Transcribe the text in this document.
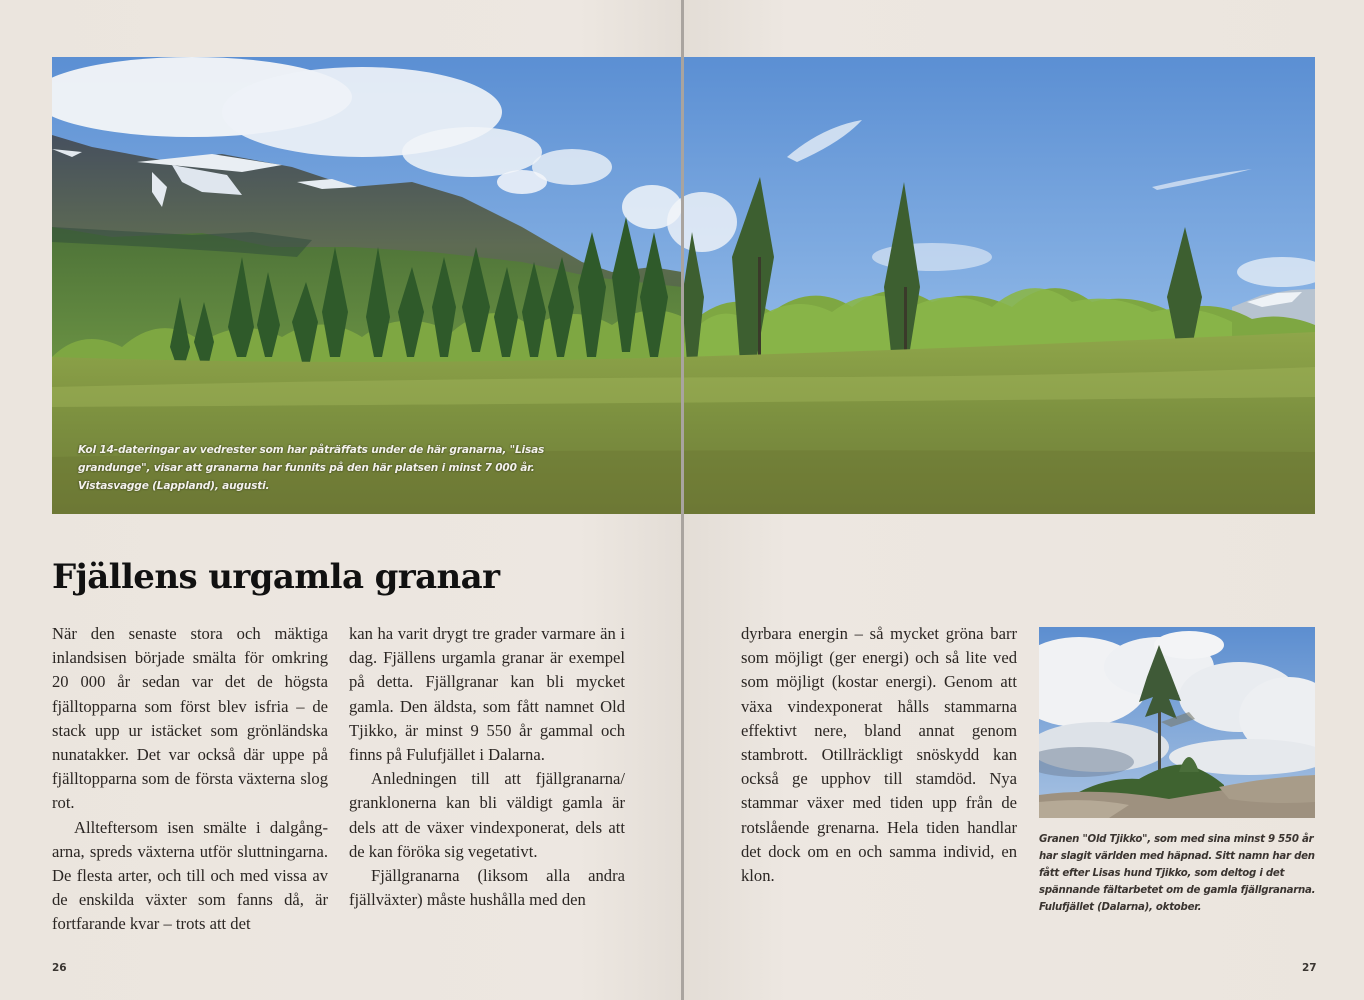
Kol 14-dateringar av vedrester som har påträffats under de här granarna, "Lisas grandunge", visar att granarna har funnits på den här platsen i minst 7 000 år. Vistasvagge (Lappland), augusti.
Fjällens urgamla granar

När den senaste stora och mäktiga inlandsisen började smälta för omkring 20 000 år sedan var det de högsta fjälltopparna som först blev isfria – de stack upp ur istäcket som grönländska nunatakker. Det var också där uppe på fjälltopparna som de första växterna slog rot.

Allteftersom isen smälte i dalgångarna, spreds växterna utför sluttningarna. De flesta arter, och till och med vissa av de enskilda växter som fanns då, är fortfarande kvar – trots att det

kan ha varit drygt tre grader varmare än i dag. Fjällens urgamla granar är exempel på detta. Fjällgranar kan bli mycket gamla. Den äldsta, som fått namnet Old Tjikko, är minst 9 550 år gammal och finns på Fulufjället i Dalarna.

Anledningen till att fjällgranarna/ granklonerna kan bli väldigt gamla är dels att de växer vindexponerat, dels att de kan föröka sig vegetativt.

Fjällgranarna (liksom alla andra fjällväxter) måste hushålla med den

dyrbara energin – så mycket gröna barr som möjligt (ger energi) och så lite ved som möjligt (kostar energi). Genom att växa vindexponerat hålls stammarna effektivt nere, bland annat genom stambrott. Otillräckligt snöskydd kan också ge upphov till stamdöd. Nya stammar växer med tiden upp från de rotslående grenarna. Hela tiden handlar det dock om en och samma individ, en klon.

Granen "Old Tjikko", som med sina minst 9 550 år har slagit världen med häpnad. Sitt namn har den fått efter Lisas hund Tjikko, som deltog i det spännande fältarbetet om de gamla fjällgranarna. Fulufjället (Dalarna), oktober.
26	27
